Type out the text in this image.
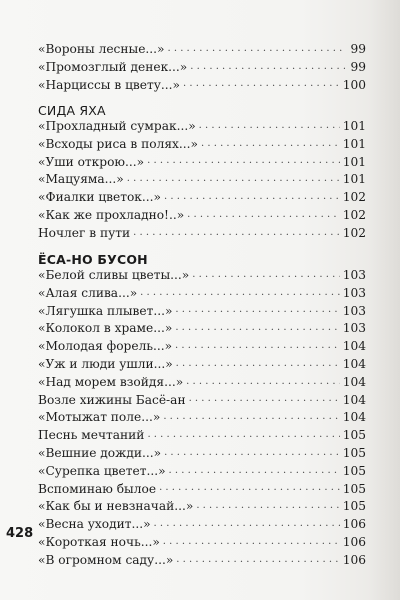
«Вороны лесные...» . . .	99
«Промозглый денек...» . . .	99
«Нарциссы в цвету...» . . .	100
СИДА ЯХА
«Прохладный сумрак...» . . .	101
«Всходы риса в полях...» . . .	101
«Уши открою...» . . .	101
«Мацуяма...» . . .	101
«Фиалки цветок...» . . .	102
«Как же прохладно!..» . . .	102
Ночлег в пути . . .	102
ЁСА-НО БУСОН
«Белой сливы цветы...» . . .	103
«Алая слива...» . . .	103
«Лягушка плывет...» . . .	103
«Колокол в храме...» . . .	103
«Молодая форель...» . . .	104
«Уж и люди ушли...» . . .	104
«Над морем взойдя...» . . .	104
Возле хижины Басё-ан . . .	104
«Мотыжат поле...» . . .	104
Песнь мечтаний . . .	105
«Вешние дожди...» . . .	105
«Сурепка цветет...» . . .	105
Вспоминаю былое . . .	105
«Как бы и невзначай...» . . .	105
«Весна уходит...» . . .	106
«Короткая ночь...» . . .	106
«В огромном саду...» . . .	106
428
